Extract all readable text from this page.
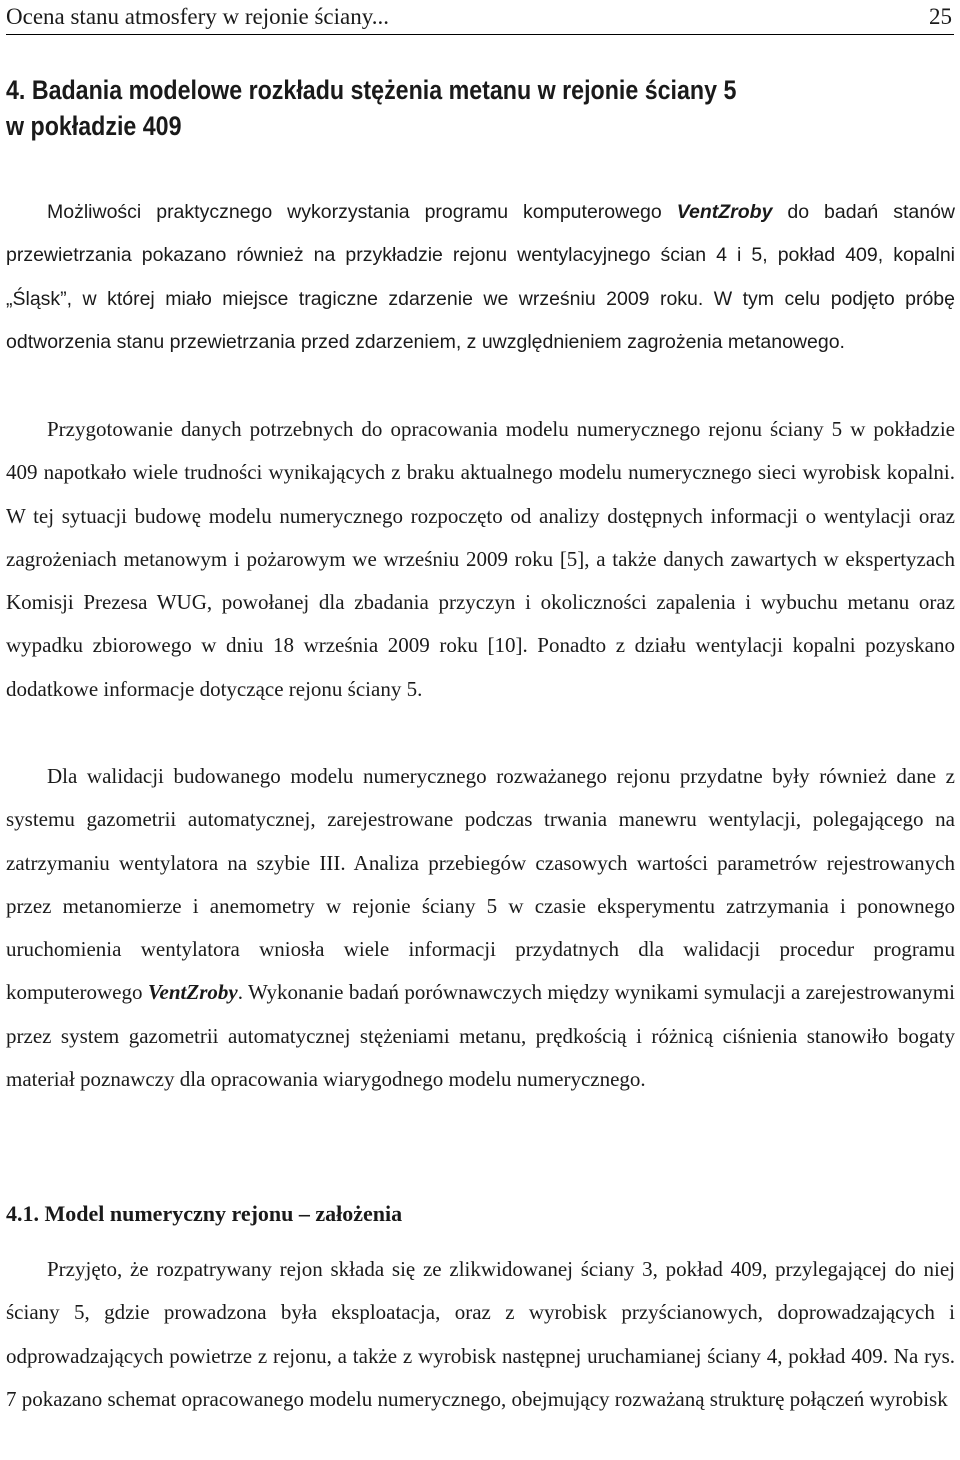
Ocena stanu atmosfery w rejonie ściany...	25
4. Badania modelowe rozkładu stężenia metanu w rejonie ściany 5
w pokładzie 409

Możliwości praktycznego wykorzystania programu komputerowego VentZroby do badań stanów przewietrzania pokazano również na przykładzie rejonu wentylacyjnego ścian 4 i 5, pokład 409, kopalni „Śląsk”, w której miało miejsce tragiczne zdarzenie we wrześniu 2009 roku. W tym celu podjęto próbę odtworzenia stanu przewietrzania przed zdarzeniem, z uwzględnieniem zagrożenia metanowego.

Przygotowanie danych potrzebnych do opracowania modelu numerycznego rejonu ściany 5 w pokładzie 409 napotkało wiele trudności wynikających z braku aktualnego modelu numerycznego sieci wyrobisk kopalni. W tej sytuacji budowę modelu numerycznego rozpoczęto od analizy dostępnych informacji o wentylacji oraz zagrożeniach metanowym i pożarowym we wrześniu 2009 roku [5], a także danych zawartych w ekspertyzach Komisji Prezesa WUG, powołanej dla zbadania przyczyn i okoliczności zapalenia i wybuchu metanu oraz wypadku zbiorowego w dniu 18 września 2009 roku [10]. Ponadto z działu wentylacji kopalni pozyskano dodatkowe informacje dotyczące rejonu ściany 5.

Dla walidacji budowanego modelu numerycznego rozważanego rejonu przydatne były również dane z systemu gazometrii automatycznej, zarejestrowane podczas trwania manewru wentylacji, polegającego na zatrzymaniu wentylatora na szybie III. Analiza przebiegów czasowych wartości parametrów rejestrowanych przez metanomierze i anemometry w rejonie ściany 5 w czasie eksperymentu zatrzymania i ponownego uruchomienia wentylatora wniosła wiele informacji przydatnych dla walidacji procedur programu komputerowego VentZroby. Wykonanie badań porównawczych między wynikami symulacji a zarejestrowanymi przez system gazometrii automatycznej stężeniami metanu, prędkością i różnicą ciśnienia stanowiło bogaty materiał poznawczy dla opracowania wiarygodnego modelu numerycznego.

4.1. Model numeryczny rejonu – założenia

Przyjęto, że rozpatrywany rejon składa się ze zlikwidowanej ściany 3, pokład 409, przylegającej do niej ściany 5, gdzie prowadzona była eksploatacja, oraz z wyrobisk przyścianowych, doprowadzających i odprowadzających powietrze z rejonu, a także z wyrobisk następnej uruchamianej ściany 4, pokład 409. Na rys. 7 pokazano schemat opracowanego modelu numerycznego, obejmujący rozważaną strukturę połączeń wyrobisk
